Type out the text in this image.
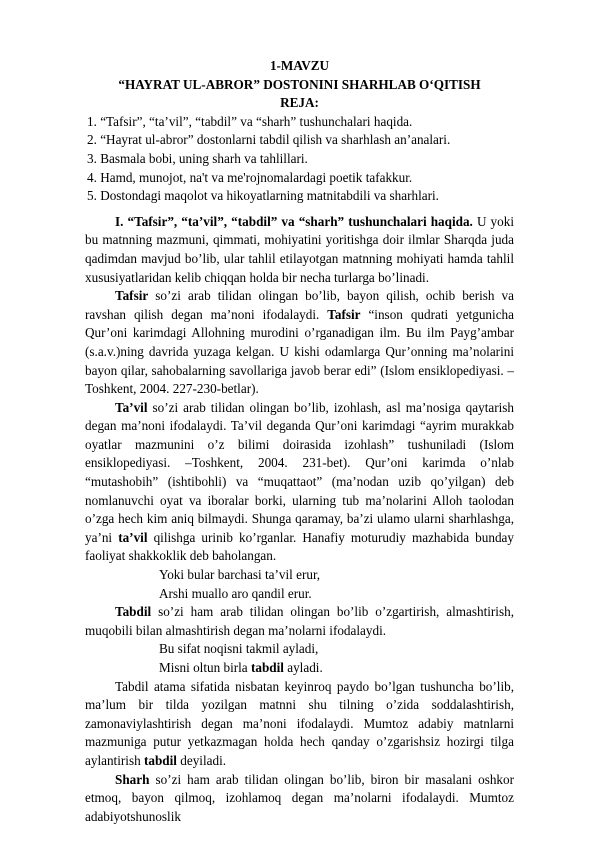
1-MAVZU
“HAYRAT UL-ABROR” DOSTONINI SHARHLAB O‘QITISH
REJA:
1. “Tafsir”, “ta’vil”, “tabdil” va “sharh” tushunchalari haqida.
2. “Hayrat ul-abror” dostonlarni tabdil qilish va sharhlash an’analari.
3. Basmala bobi, uning sharh va tahlillari.
4. Hamd, munojot, na't va me'rojnomalardagi poetik tafakkur.
5. Dostondagi maqolot va hikoyatlarning matnitabdili va sharhlari.

I. “Tafsir”, “ta’vil”, “tabdil” va “sharh” tushunchalari haqida. U yoki bu matnning mazmuni, qimmati, mohiyatini yoritishga doir ilmlar Sharqda juda qadimdan mavjud bo’lib, ular tahlil etilayotgan matnning mohiyati hamda tahlil xususiyatlaridan kelib chiqqan holda bir necha turlarga bo’linadi.

Tafsir so’zi arab tilidan olingan bo’lib, bayon qilish, ochib berish va ravshan qilish degan ma’noni ifodalaydi. Tafsir “inson qudrati yetgunicha Qur’oni karimdagi Allohning murodini o’rganadigan ilm. Bu ilm Payg’ambar (s.a.v.)ning davrida yuzaga kelgan. U kishi odamlarga Qur’onning ma’nolarini bayon qilar, sahobalarning savollariga javob berar edi” (Islom ensiklopediyasi. –Toshkent, 2004. 227-230-betlar).

Ta’vil so’zi arab tilidan olingan bo’lib, izohlash, asl ma’nosiga qaytarish degan ma’noni ifodalaydi. Ta’vil deganda Qur’oni karimdagi “ayrim murakkab oyatlar mazmunini o’z bilimi doirasida izohlash” tushuniladi (Islom ensiklopediyasi. –Toshkent, 2004. 231-bet). Qur’oni karimda o’nlab “mutashobih” (ishtibohli) va “muqattaot” (ma’nodan uzib qo’yilgan) deb nomlanuvchi oyat va iboralar borki, ularning tub ma’nolarini Alloh taolodan o’zga hech kim aniq bilmaydi. Shunga qaramay, ba’zi ulamo ularni sharhlashga, ya’ni ta’vil qilishga urinib ko’rganlar. Hanafiy moturudiy mazhabida bunday faoliyat shakkoklik deb baholangan.

Yoki bular barchasi ta’vil erur,

Arshi muallo aro qandil erur.

Tabdil so’zi ham arab tilidan olingan bo’lib o’zgartirish, almashtirish, muqobili bilan almashtirish degan ma’nolarni ifodalaydi.

Bu sifat noqisni takmil ayladi,

Misni oltun birla tabdil ayladi.

Tabdil atama sifatida nisbatan keyinroq paydo bo’lgan tushuncha bo’lib, ma’lum bir tilda yozilgan matnni shu tilning o’zida soddalashtirish, zamonaviylashtirish degan ma’noni ifodalaydi. Mumtoz adabiy matnlarni mazmuniga putur yetkazmagan holda hech qanday o’zgarishsiz hozirgi tilga aylantirish tabdil deyiladi.

Sharh so’zi ham arab tilidan olingan bo’lib, biron bir masalani oshkor etmoq, bayon qilmoq, izohlamoq degan ma’nolarni ifodalaydi. Mumtoz adabiyotshunoslik
